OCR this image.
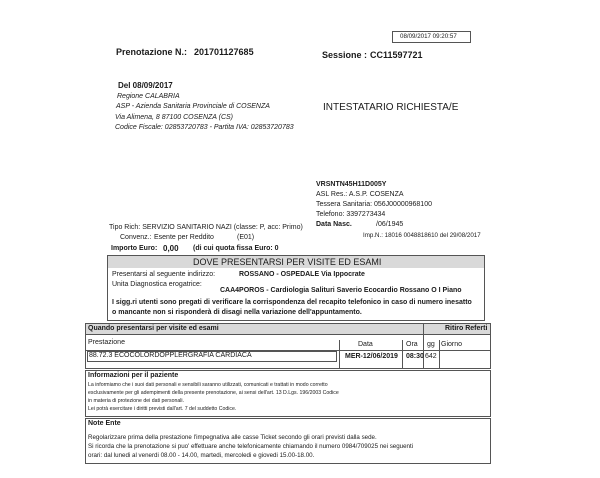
08/09/2017 09:20:57
Prenotazione N.: 201701127685	Sessione : CC11597721
Del 08/09/2017
Regione CALABRIA
ASP - Azienda Sanitaria Provinciale di COSENZA
Via Alimena, 8 87100 COSENZA (CS)
Codice Fiscale: 02853720783 - Partita IVA: 02853720783
INTESTATARIO RICHIESTA/E
VRSNTN45H11D005Y
ASL Res.: A.S.P. COSENZA
Tessera Sanitaria: 056J00000968100
Telefono: 3397273434
Data Nasc.	/06/1945
Imp.N.: 18016 0048818610 del 29/08/2017
Tipo Rich: SERVIZIO SANITARIO NAZI (classe: P, acc: Primo)
Convenz.: Esente per Reddito	(E01)
Importo Euro: 0,00 (di cui quota fissa Euro: 0
DOVE PRESENTARSI PER VISITE ED ESAMI
Presentarsi al seguente indirizzo:	ROSSANO - OSPEDALE Via Ippocrate
Unita Diagnostica erogatrice:
CAA4POROS - Cardiologia Salituri Saverio Ecocardio Rossano O I Piano
I sigg.ri utenti sono pregati di verificare la corrispondenza del recapito telefonico in caso di numero inesatto
o mancante non si risponderà di disagi nella variazione dell'appuntamento.
Quando presentarsi per visite ed esami	Ritiro Referti
Prestazione	Data	Ora gg Giorno
88.72.3 ECOCOLORDOPPLERGRAFIA CARDIACA	MER-12/06/2019 08:30 642
Informazioni per il paziente
La informiamo che i suoi dati personali e sensibili saranno utilizzati, comunicati e trattati in modo corretto
esclusivamente per gli adempimenti della presente prenotazione, ai sensi dell'art. 13 D.Lgs. 196/2003 Codice
in materia di protezione dei dati personali.
Lei potrà esercitare i diritti previsti dall'art. 7 del suddetto Codice.
Note Ente
Regolarizzare prima della prestazione l'impegnativa alle casse Ticket secondo gli orari previsti dalla sede.
Si ricorda che la prenotazione si puo' effettuare anche telefonicamente chiamando il numero 0984/709025 nei seguenti
orari: dal lunedi al venerdi 08.00 - 14.00, martedi, mercoledi e giovedi 15.00-18.00.
